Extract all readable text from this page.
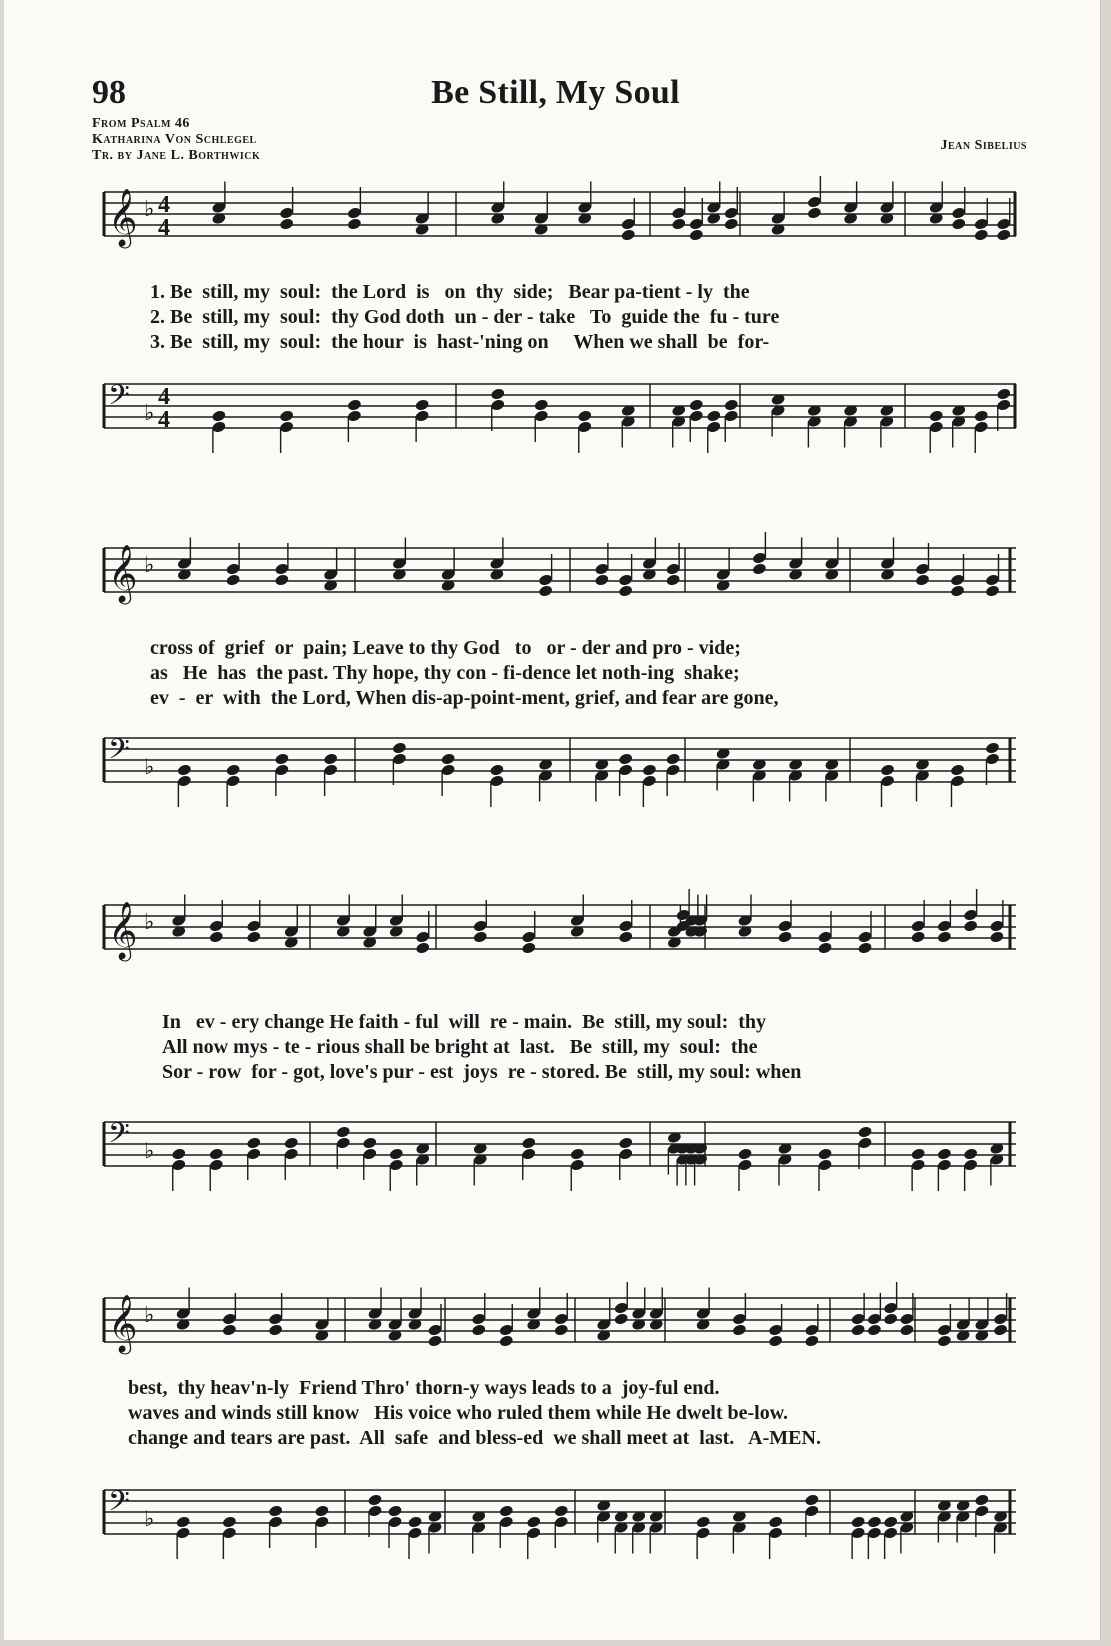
98	Be Still, My Soul
From Psalm 46
Katharina Von Schlegel
Tr. by Jane L. Borthwick
Jean Sibelius
𝄞 ♭ 4
4
1. Be  still, my  soul:  the Lord  is   on  thy  side;   Bear pa-tient - ly  the
2. Be  still, my  soul:  thy God doth  un - der - take   To  guide the  fu - ture
3. Be  still, my  soul:  the hour  is  hast-'ning on     When we shall  be  for-
𝄢 ♭
4
4
𝄞 ♭
cross of  grief  or  pain; Leave to thy God   to   or - der and pro - vide;
as   He  has  the past. Thy hope, thy con - fi-dence let noth-ing  shake;
ev  -  er  with  the Lord, When dis-ap-point-ment, grief, and fear are gone,
𝄢 ♭
𝄞 ♭
In   ev - ery change He faith - ful  will  re - main.  Be  still, my soul:  thy
All now mys - te - rious shall be bright at  last.   Be  still, my  soul:  the
Sor - row  for - got, love's pur - est  joys  re - stored. Be  still, my soul: when
𝄢 ♭
𝄞 ♭
best,  thy heav'n-ly  Friend Thro' thorn-y ways leads to a  joy-ful end.
waves and winds still know   His voice who ruled them while He dwelt be-low.
change and tears are past.  All  safe  and bless-ed  we shall meet at  last.   A-MEN.
𝄢 ♭
